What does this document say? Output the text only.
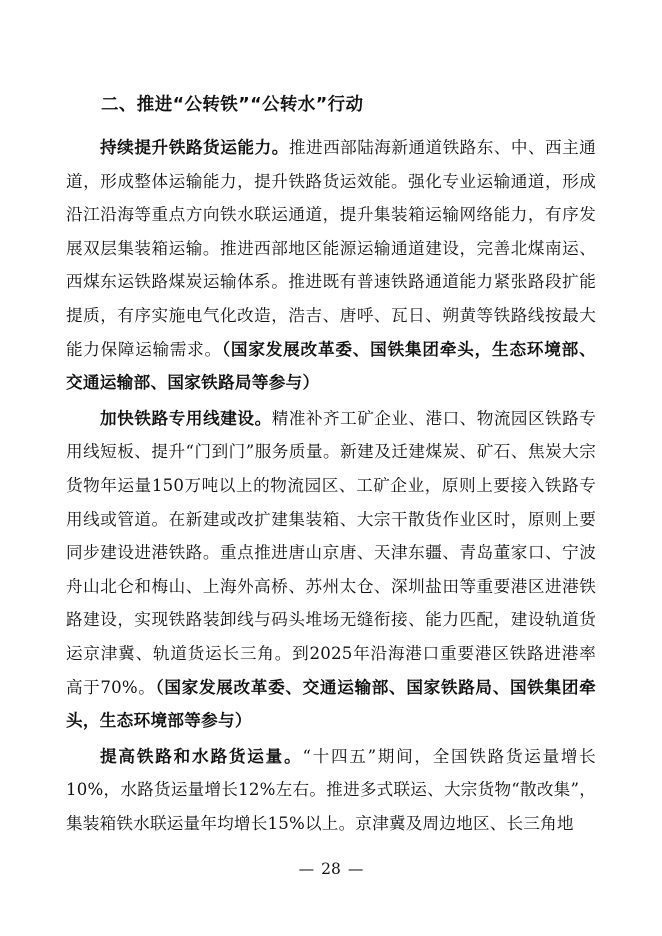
二、推进“公转铁”“公转水”行动

持续提升铁路货运能力。推进西部陆海新通道铁路东、中、西主通道，形成整体运输能力，提升铁路货运效能。强化专业运输通道，形成沿江沿海等重点方向铁水联运通道，提升集装箱运输网络能力，有序发展双层集装箱运输。推进西部地区能源运输通道建设，完善北煤南运、西煤东运铁路煤炭运输体系。推进既有普速铁路通道能力紧张路段扩能提质，有序实施电气化改造，浩吉、唐呼、瓦日、朔黄等铁路线按最大能力保障运输需求。（国家发展改革委、国铁集团牵头，生态环境部、交通运输部、国家铁路局等参与）

加快铁路专用线建设。精准补齐工矿企业、港口、物流园区铁路专用线短板、提升“门到门”服务质量。新建及迁建煤炭、矿石、焦炭大宗货物年运量150万吨以上的物流园区、工矿企业，原则上要接入铁路专用线或管道。在新建或改扩建集装箱、大宗干散货作业区时，原则上要同步建设进港铁路。重点推进唐山京唐、天津东疆、青岛董家口、宁波舟山北仑和梅山、上海外高桥、苏州太仓、深圳盐田等重要港区进港铁路建设，实现铁路装卸线与码头堆场无缝衔接、能力匹配，建设轨道货运京津冀、轨道货运长三角。到2025年沿海港口重要港区铁路进港率高于70%。（国家发展改革委、交通运输部、国家铁路局、国铁集团牵头，生态环境部等参与）

提高铁路和水路货运量。“十四五”期间，全国铁路货运量增长10%，水路货运量增长12%左右。推进多式联运、大宗货物“散改集”，集装箱铁水联运量年均增长15%以上。京津冀及周边地区、长三角地

— 28 —
